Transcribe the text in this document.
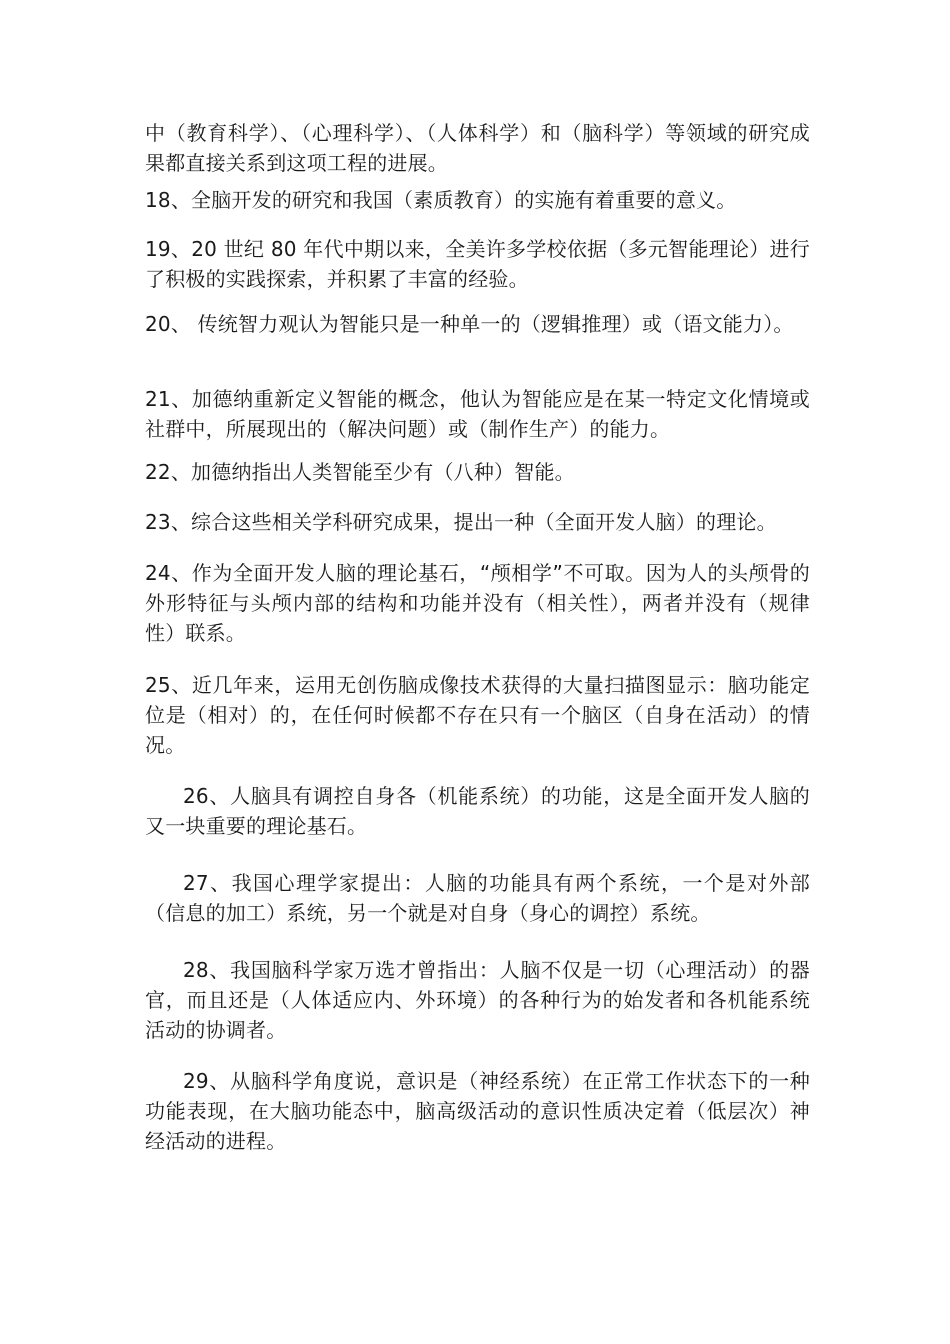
中（教育科学）、（心理科学）、（人体科学）和（脑科学）等领域的研究成果都直接关系到这项工程的进展。

18、全脑开发的研究和我国（素质教育）的实施有着重要的意义。

19、20 世纪 80 年代中期以来，全美许多学校依据（多元智能理论）进行了积极的实践探索，并积累了丰富的经验。

20、 传统智力观认为智能只是一种单一的（逻辑推理）或（语文能力）。

21、加德纳重新定义智能的概念，他认为智能应是在某一特定文化情境或社群中，所展现出的（解决问题）或（制作生产）的能力。

22、加德纳指出人类智能至少有（八种）智能。

23、综合这些相关学科研究成果，提出一种（全面开发人脑）的理论。

24、作为全面开发人脑的理论基石，“颅相学”不可取。因为人的头颅骨的外形特征与头颅内部的结构和功能并没有（相关性），两者并没有（规律性）联系。

25、近几年来，运用无创伤脑成像技术获得的大量扫描图显示：脑功能定位是（相对）的，在任何时候都不存在只有一个脑区（自身在活动）的情况。

26、人脑具有调控自身各（机能系统）的功能，这是全面开发人脑的又一块重要的理论基石。

27、我国心理学家提出：人脑的功能具有两个系统，一个是对外部（信息的加工）系统，另一个就是对自身（身心的调控）系统。

28、我国脑科学家万选才曾指出：人脑不仅是一切（心理活动）的器官，而且还是（人体适应内、外环境）的各种行为的始发者和各机能系统活动的协调者。

29、从脑科学角度说，意识是（神经系统）在正常工作状态下的一种功能表现，在大脑功能态中，脑高级活动的意识性质决定着（低层次）神经活动的进程。
